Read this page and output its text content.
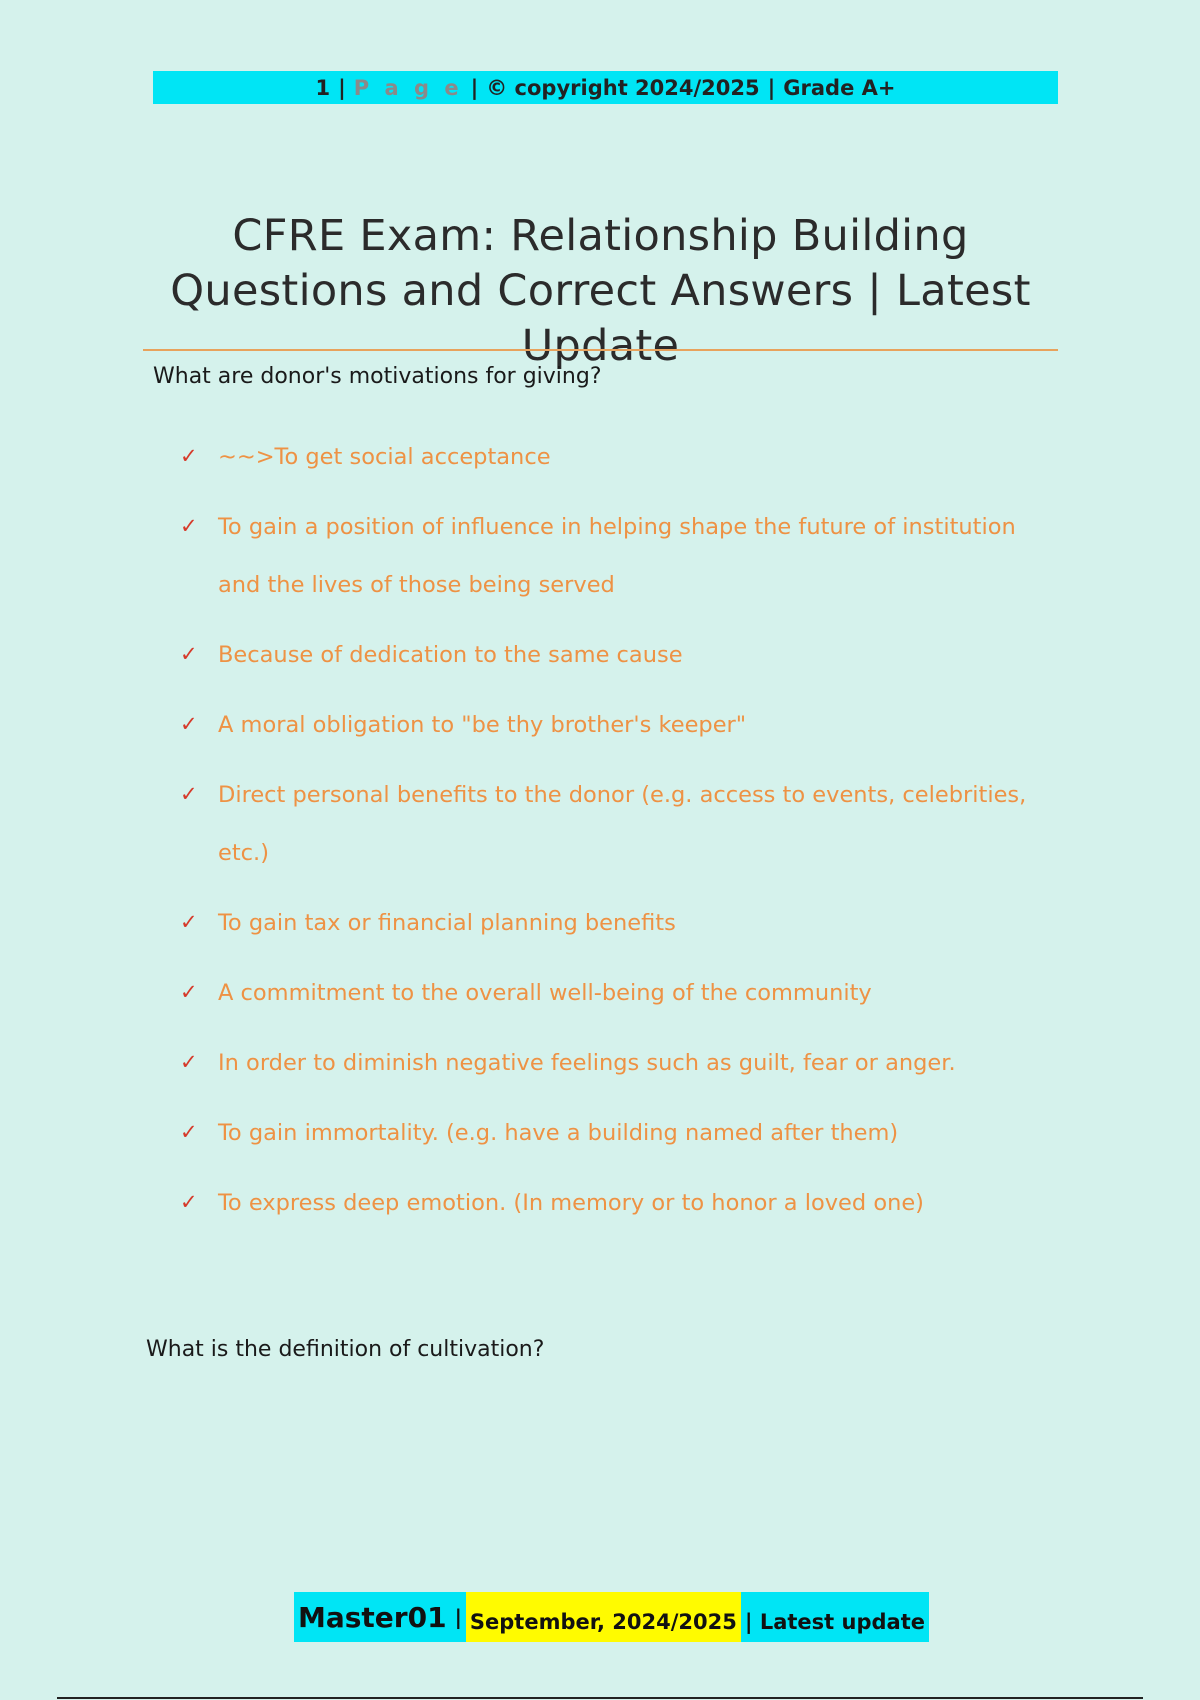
1 | P a g e | © copyright 2024/2025 | Grade A+
CFRE Exam: Relationship Building Questions and Correct Answers | Latest Update
What are donor's motivations for giving?
✓ ~~>To get social acceptance
✓ To gain a position of influence in helping shape the future of institution and the lives of those being served
✓ Because of dedication to the same cause
✓ A moral obligation to "be thy brother's keeper"
✓ Direct personal benefits to the donor (e.g. access to events, celebrities, etc.)
✓ To gain tax or financial planning benefits
✓ A commitment to the overall well-being of the community
✓ In order to diminish negative feelings such as guilt, fear or anger.
✓ To gain immortality. (e.g. have a building named after them)
✓ To express deep emotion. (In memory or to honor a loved one)
What is the definition of cultivation?
Master01 | September, 2024/2025 | Latest update
